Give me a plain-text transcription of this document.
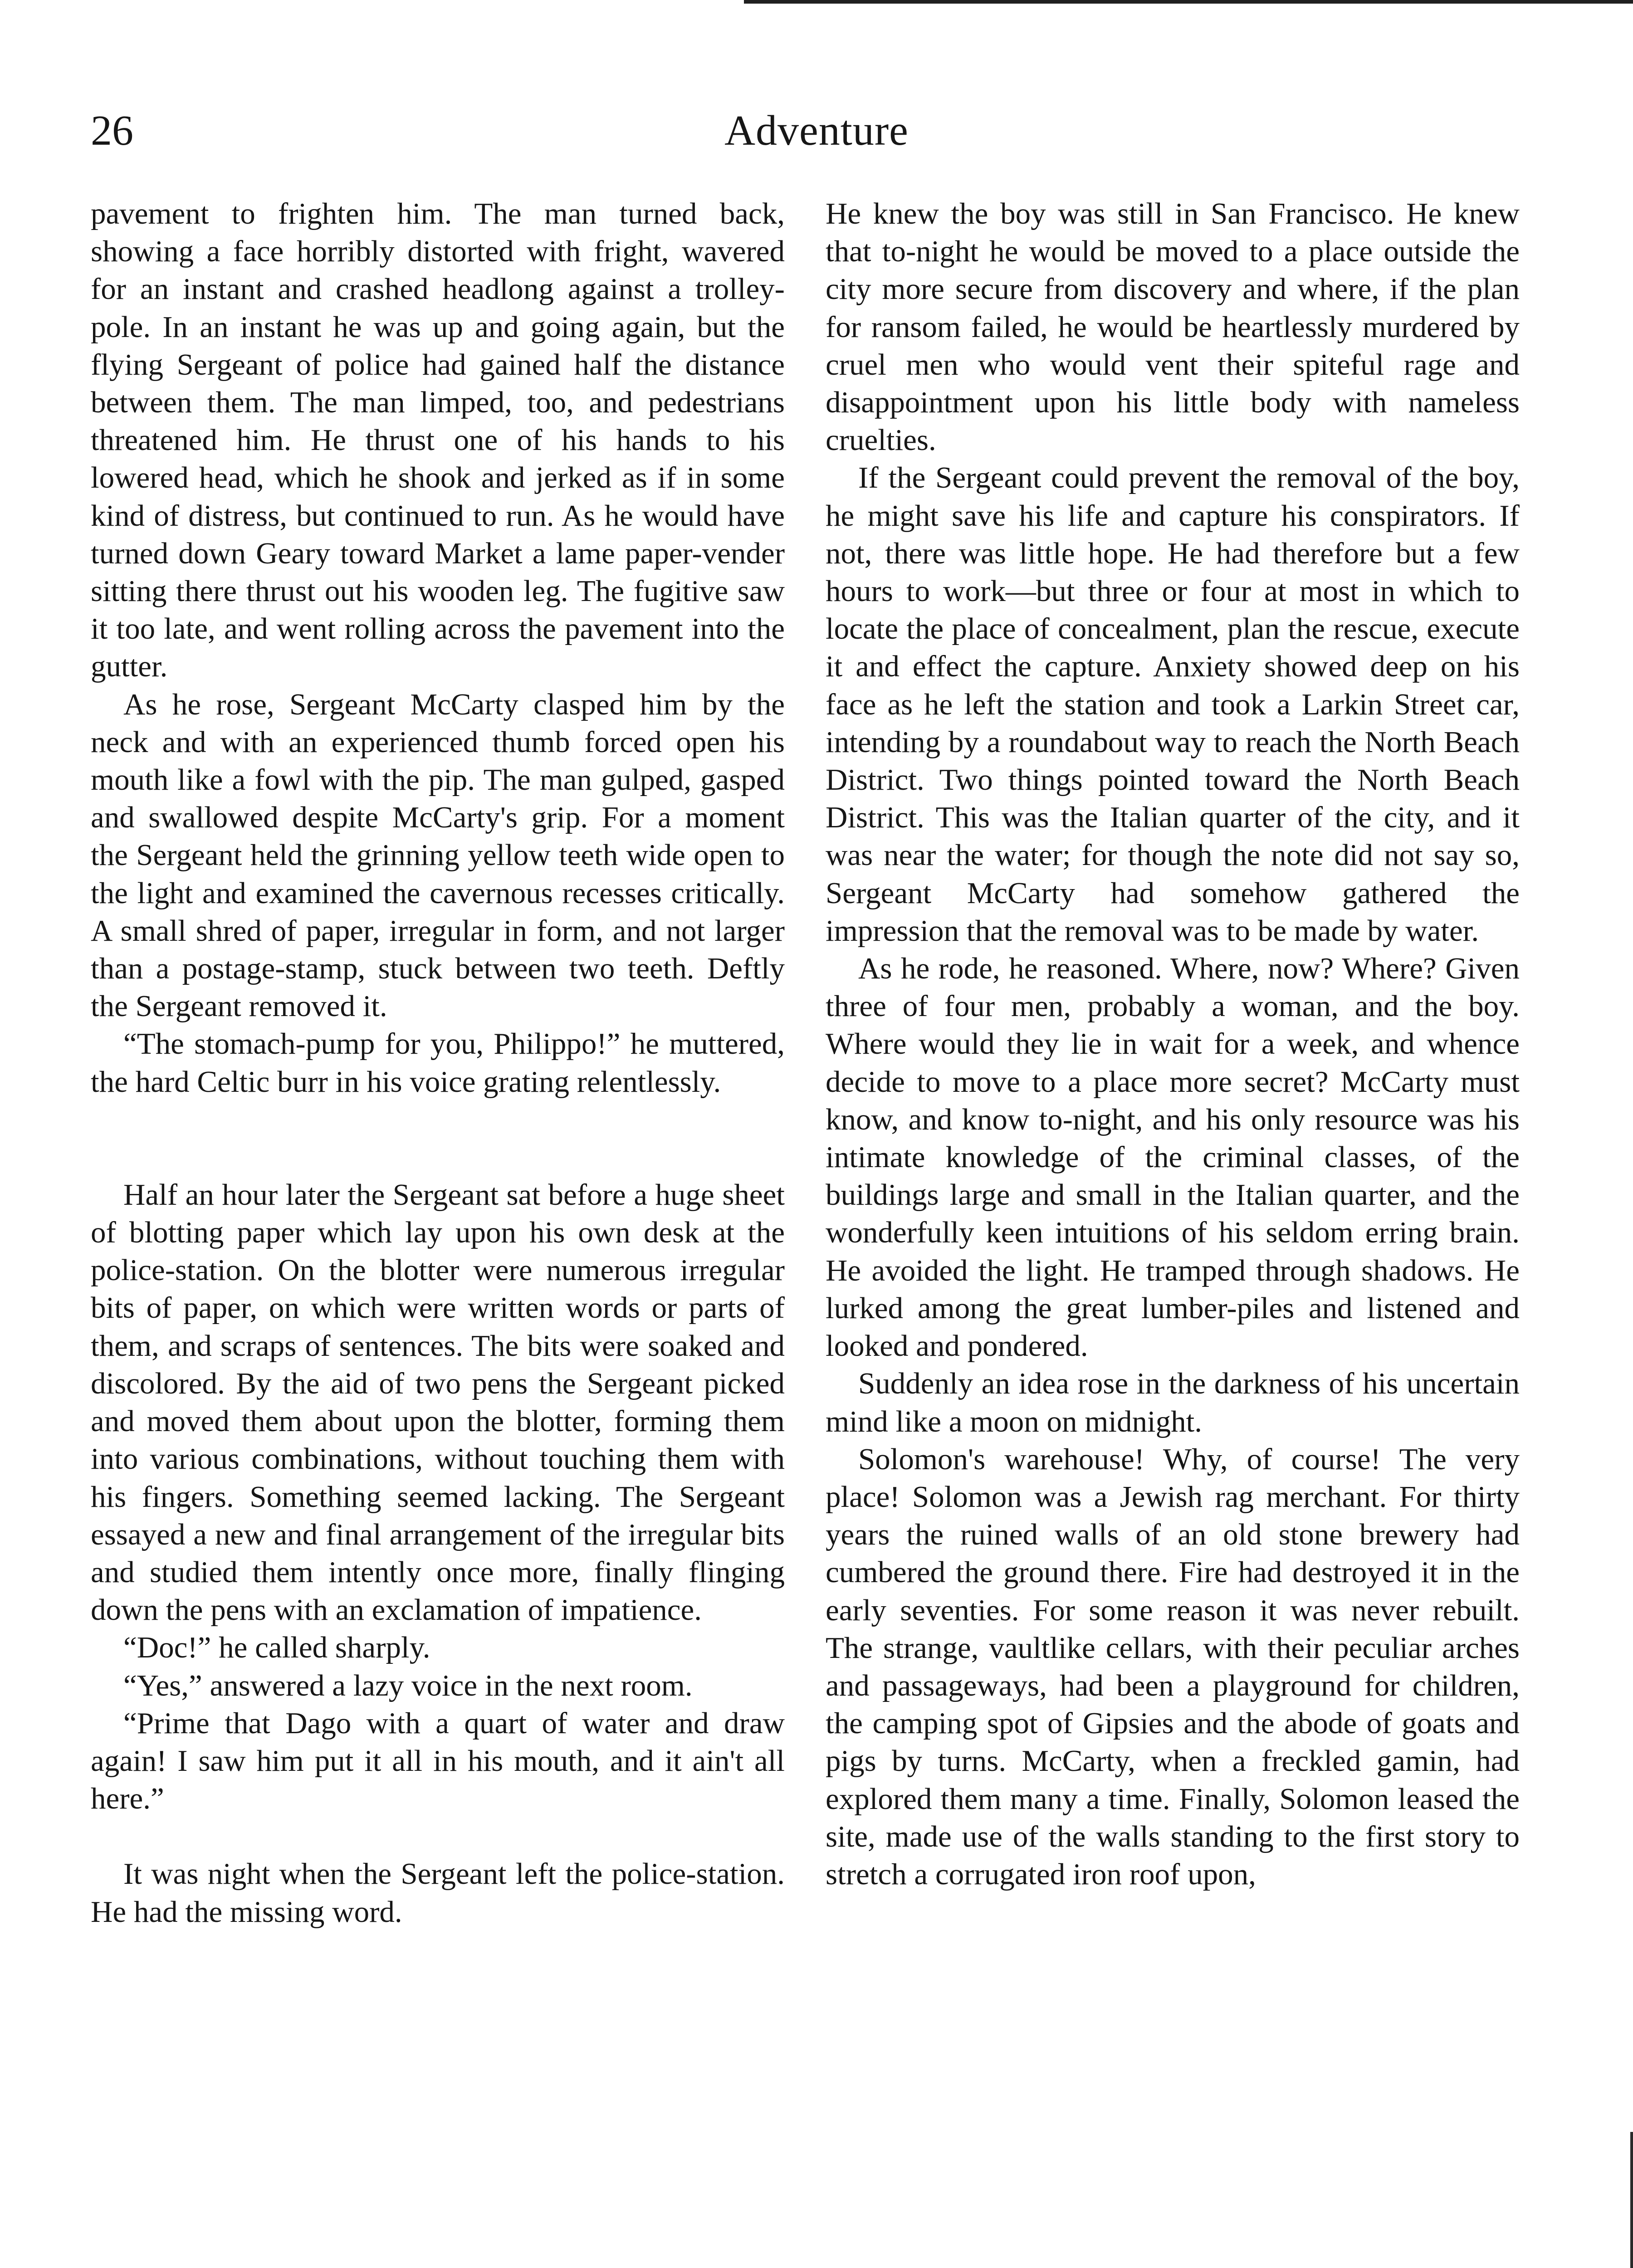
26	Adventure

pavement to frighten him. The man turned back, showing a face horribly distorted with fright, wavered for an instant and crashed headlong against a trolley-pole. In an instant he was up and going again, but the flying Sergeant of police had gained half the distance between them. The man limped, too, and pedestrians threatened him. He thrust one of his hands to his lowered head, which he shook and jerked as if in some kind of distress, but continued to run. As he would have turned down Geary toward Market a lame paper-vender sitting there thrust out his wooden leg. The fugitive saw it too late, and went rolling across the pavement into the gutter.

As he rose, Sergeant McCarty clasped him by the neck and with an experienced thumb forced open his mouth like a fowl with the pip. The man gulped, gasped and swallowed despite McCarty's grip. For a moment the Sergeant held the grinning yellow teeth wide open to the light and examined the cavernous recesses critically. A small shred of paper, irregular in form, and not larger than a postage-stamp, stuck between two teeth. Deftly the Sergeant removed it.

“The stomach-pump for you, Philippo!” he muttered, the hard Celtic burr in his voice grating relentlessly.

Half an hour later the Sergeant sat before a huge sheet of blotting paper which lay upon his own desk at the police-station. On the blotter were numerous irregular bits of paper, on which were written words or parts of them, and scraps of sentences. The bits were soaked and discolored. By the aid of two pens the Sergeant picked and moved them about upon the blotter, forming them into various combinations, without touching them with his fingers. Something seemed lacking. The Sergeant essayed a new and final arrangement of the irregular bits and studied them intently once more, finally flinging down the pens with an exclamation of impatience.

“Doc!” he called sharply.

“Yes,” answered a lazy voice in the next room.

“Prime that Dago with a quart of water and draw again! I saw him put it all in his mouth, and it ain't all here.”

It was night when the Sergeant left the police-station. He had the missing word.

He knew the boy was still in San Francisco. He knew that to-night he would be moved to a place outside the city more secure from discovery and where, if the plan for ransom failed, he would be heartlessly murdered by cruel men who would vent their spiteful rage and disappointment upon his little body with nameless cruelties.

If the Sergeant could prevent the removal of the boy, he might save his life and capture his conspirators. If not, there was little hope. He had therefore but a few hours to work—but three or four at most in which to locate the place of concealment, plan the rescue, execute it and effect the capture. Anxiety showed deep on his face as he left the station and took a Larkin Street car, intending by a roundabout way to reach the North Beach District. Two things pointed toward the North Beach District. This was the Italian quarter of the city, and it was near the water; for though the note did not say so, Sergeant McCarty had somehow gathered the impression that the removal was to be made by water.

As he rode, he reasoned. Where, now? Where? Given three of four men, probably a woman, and the boy. Where would they lie in wait for a week, and whence decide to move to a place more secret? McCarty must know, and know to-night, and his only resource was his intimate knowledge of the criminal classes, of the buildings large and small in the Italian quarter, and the wonderfully keen intuitions of his seldom erring brain. He avoided the light. He tramped through shadows. He lurked among the great lumber-piles and listened and looked and pondered.

Suddenly an idea rose in the darkness of his uncertain mind like a moon on midnight.

Solomon's warehouse! Why, of course! The very place! Solomon was a Jewish rag merchant. For thirty years the ruined walls of an old stone brewery had cumbered the ground there. Fire had destroyed it in the early seventies. For some reason it was never rebuilt. The strange, vaultlike cellars, with their peculiar arches and passageways, had been a playground for children, the camping spot of Gipsies and the abode of goats and pigs by turns. McCarty, when a freckled gamin, had explored them many a time. Finally, Solomon leased the site, made use of the walls standing to the first story to stretch a corrugated iron roof upon,
